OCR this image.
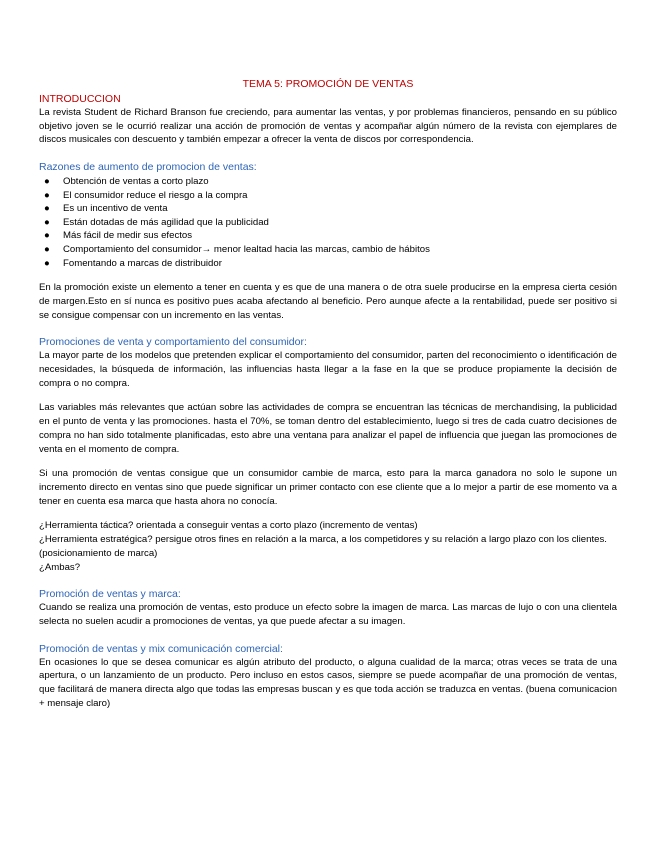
TEMA 5: PROMOCIÓN DE VENTAS
INTRODUCCION

La revista Student de Richard Branson fue creciendo, para aumentar las ventas, y por problemas financieros, pensando en su público objetivo joven se le ocurrió realizar una acción de promoción de ventas y acompañar algún número de la revista con ejemplares de discos musicales con descuento y también empezar a ofrecer la venta de discos por correspondencia.

Razones de aumento de promocion de ventas:
●	Obtención de ventas a corto plazo
●	El consumidor reduce el riesgo a la compra
●	Es un incentivo de venta
●	Están dotadas de más agilidad que la publicidad
●	Más fácil de medir sus efectos
●	Comportamiento del consumidor→ menor lealtad hacia las marcas, cambio de hábitos
●	Fomentando a marcas de distribuidor

En la promoción existe un elemento a tener en cuenta y es que de una manera o de otra suele producirse en la empresa cierta cesión de margen.Esto en sí nunca es positivo pues acaba afectando al beneficio. Pero aunque afecte a la rentabilidad, puede ser positivo si se consigue compensar con un incremento en las ventas.

Promociones de venta y comportamiento del consumidor:

La mayor parte de los modelos que pretenden explicar el comportamiento del consumidor, parten del reconocimiento o identificación de necesidades, la búsqueda de información, las influencias hasta llegar a la fase en la que se produce propiamente la decisión de compra o no compra.

Las variables más relevantes que actúan sobre las actividades de compra se encuentran las técnicas de merchandising, la publicidad en el punto de venta y las promociones. hasta el 70%, se toman dentro del establecimiento, luego si tres de cada cuatro decisiones de compra no han sido totalmente planificadas, esto abre una ventana para analizar el papel de influencia que juegan las promociones de venta en el momento de compra.

Si una promoción de ventas consigue que un consumidor cambie de marca, esto para la marca ganadora no solo le supone un incremento directo en ventas sino que puede significar un primer contacto con ese cliente que a lo mejor a partir de ese momento va a tener en cuenta esa marca que hasta ahora no conocía.

¿Herramienta táctica? orientada a conseguir ventas a corto plazo (incremento de ventas)

¿Herramienta estratégica? persigue otros fines en relación a la marca, a los competidores y su relación a largo plazo con los clientes. (posicionamiento de marca)

¿Ambas?

Promoción de ventas y marca:

Cuando se realiza una promoción de ventas, esto produce un efecto sobre la imagen de marca. Las marcas de lujo o con una clientela selecta no suelen acudir a promociones de ventas, ya que puede afectar a su imagen.

Promoción de ventas y mix comunicación comercial:

En ocasiones lo que se desea comunicar es algún atributo del producto, o alguna cualidad de la marca; otras veces se trata de una apertura, o un lanzamiento de un producto. Pero incluso en estos casos, siempre se puede acompañar de una promoción de ventas, que facilitará de manera directa algo que todas las empresas buscan y es que toda acción se traduzca en ventas. (buena comunicacion + mensaje claro)
